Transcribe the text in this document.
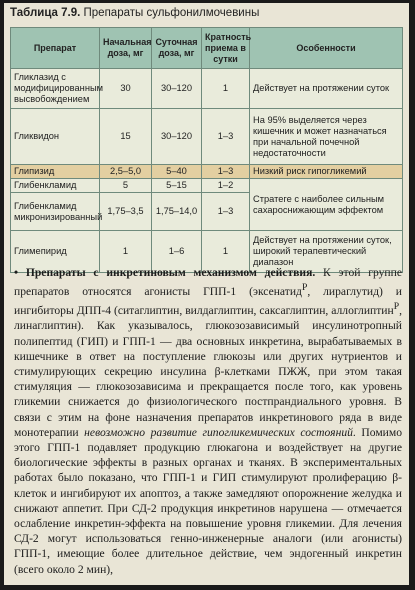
Таблица 7.9. Препараты сульфонилмочевины
Препарат	Начальная доза, мг	Суточная доза, мг	Кратность приема в сутки	Особенности
Гликлазид с модифицированным высвобождением	30	30–120	1	Действует на протяжении суток
Гликвидон	15	30–120	1–3	На 95% выделяется через кишечник и может назначаться при начальной почечной недостаточности
Глипизид	2,5–5,0	5–40	1–3	Низкий риск гипогликемий
Глибенкламид	5	5–15	1–2	Стратеге с наиболее сильным сахароснижающим эффектом
Глибенкламид микронизированный	1,75–3,5	1,75–14,0	1–3	
Глимепирид	1	1–6	1	Действует на протяжении суток, широкий терапевтический диапазон

• Препараты с инкретиновым механизмом действия. К этой группе препаратов относятся агонисты ГПП-1 (эксенатид$^Р$, лираглутид) и ингибиторы ДПП-4 (ситаглиптин, вилдаглиптин, саксаглиптин, аллоглиптин$^Р$, линаглиптин). Как указывалось, глюкозозависимый инсулинотропный полипептид (ГИП) и ГПП-1 — два основных инкретина, вырабатываемых в кишечнике в ответ на поступление глюкозы или других нутриентов и стимулирующих секрецию инсулина β-клетками ПЖЖ, при этом такая стимуляция — глюкозозависима и прекращается после того, как уровень гликемии снижается до физиологического постпрандиального уровня. В связи с этим на фоне назначения препаратов инкретинового ряда в виде монотерапии невозможно развитие гипогликемических состояний. Помимо этого ГПП-1 подавляет продукцию глюкагона и воздействует на другие биологические эффекты в разных органах и тканях. В экспериментальных работах было показано, что ГПП-1 и ГИП стимулируют пролиферацию β-клеток и ингибируют их апоптоз, а также замедляют опорожнение желудка и снижают аппетит. При СД-2 продукция инкретинов нарушена — отмечается ослабление инкретин-эффекта на повышение уровня гликемии. Для лечения СД-2 могут использоваться генно-инженерные аналоги (или агонисты) ГПП-1, имеющие более длительное действие, чем эндогенный инкретин (всего около 2 мин),
